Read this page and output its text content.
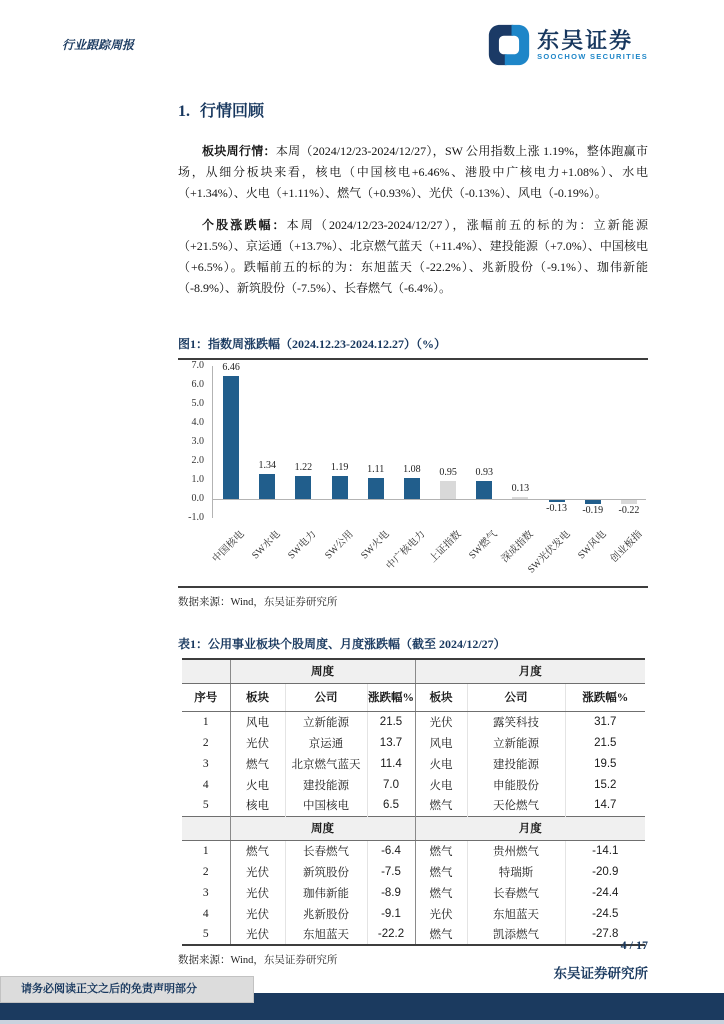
行业跟踪周报	东吴证券
SOOCHOW SECURITIES
1. 行情回顾

板块周行情：本周（2024/12/23-2024/12/27），SW 公用指数上涨 1.19%，整体跑赢市场，从细分板块来看，核电（中国核电+6.46%、港股中广核电力+1.08%）、水电（+1.34%）、火电（+1.11%）、燃气（+0.93%）、光伏（-0.13%）、风电（-0.19%）。

个股涨跌幅：本周（2024/12/23-2024/12/27），涨幅前五的标的为：立新能源（+21.5%）、京运通（+13.7%）、北京燃气蓝天（+11.4%）、建投能源（+7.0%）、中国核电（+6.5%）。跌幅前五的标的为：东旭蓝天（-22.2%）、兆新股份（-9.1%）、珈伟新能（-8.9%）、新筑股份（-7.5%）、长春燃气（-6.4%）。

图1：指数周涨跌幅（2024.12.23-2024.12.27）（%）
7.0
6.0
5.0
4.0
3.0
2.0
1.0
0.0
-1.0
6.46
1.34	1.22	1.19	1.11	1.08	0.95	0.93
0.13
-0.13	-0.19	-0.22
中国核电 SW水电 SW电力 SW公用 SW火电
中广核电力 上证指数 SW燃气 深成指数
SW光伏发电 SW风电 创业板指
数据来源：Wind，东吴证券研究所
表1：公用事业板块个股周度、月度涨跌幅（截至 2024/12/27）
	周度			月度		
序号	板块	公司	涨跌幅%	板块	公司	涨跌幅%
1	风电	立新能源	21.5	光伏	露笑科技	31.7
2	光伏	京运通	13.7	风电	立新能源	21.5
3	燃气	北京燃气蓝天	11.4	火电	建投能源	19.5
4	火电	建投能源	7.0	火电	申能股份	15.2
5	核电	中国核电	6.5	燃气	天伦燃气	14.7
	周度			月度		
1	燃气	长春燃气	-6.4	燃气	贵州燃气	-14.1
2	光伏	新筑股份	-7.5	燃气	特瑞斯	-20.9
3	光伏	珈伟新能	-8.9	燃气	长春燃气	-24.4
4	光伏	兆新股份	-9.1	光伏	东旭蓝天	-24.5
5	光伏	东旭蓝天	-22.2	燃气	凯添燃气	-27.8
数据来源：Wind，东吴证券研究所
4 / 17
东吴证券研究所
请务必阅读正文之后的免责声明部分
